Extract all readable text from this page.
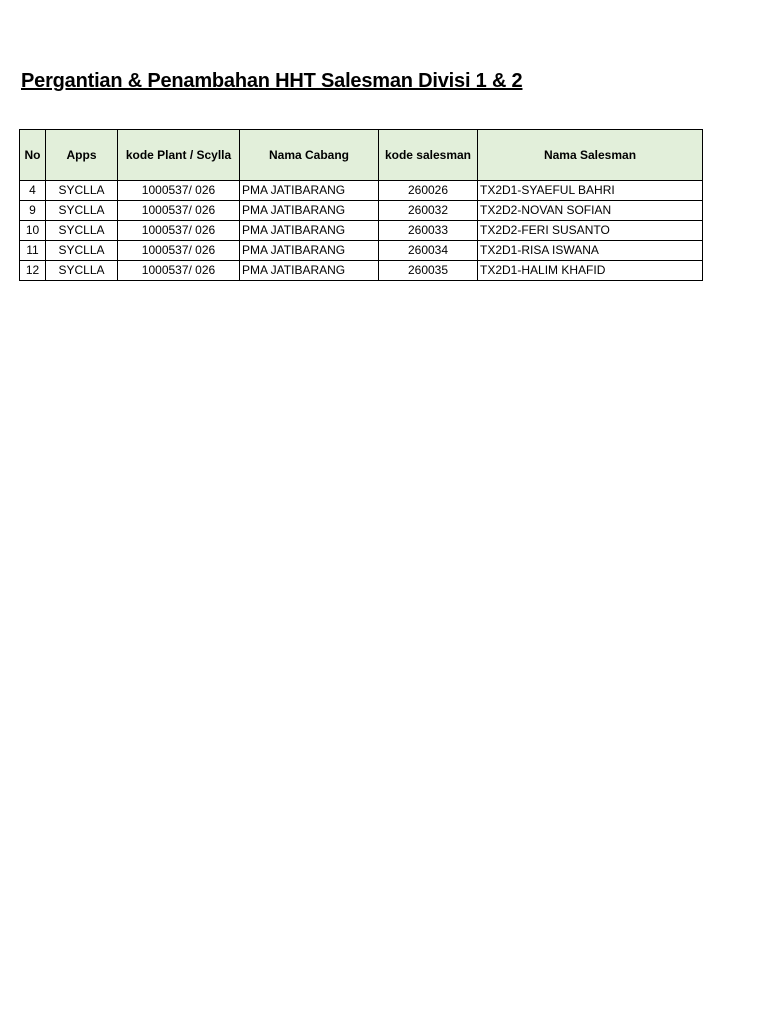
Pergantian & Penambahan HHT Salesman Divisi 1 & 2
No	Apps	kode Plant / Scylla	Nama Cabang	kode salesman	Nama Salesman
4	SYCLLA	1000537/ 026	PMA JATIBARANG	260026	TX2D1-SYAEFUL BAHRI
9	SYCLLA	1000537/ 026	PMA JATIBARANG	260032	TX2D2-NOVAN SOFIAN
10	SYCLLA	1000537/ 026	PMA JATIBARANG	260033	TX2D2-FERI SUSANTO
11	SYCLLA	1000537/ 026	PMA JATIBARANG	260034	TX2D1-RISA ISWANA
12	SYCLLA	1000537/ 026	PMA JATIBARANG	260035	TX2D1-HALIM KHAFID
